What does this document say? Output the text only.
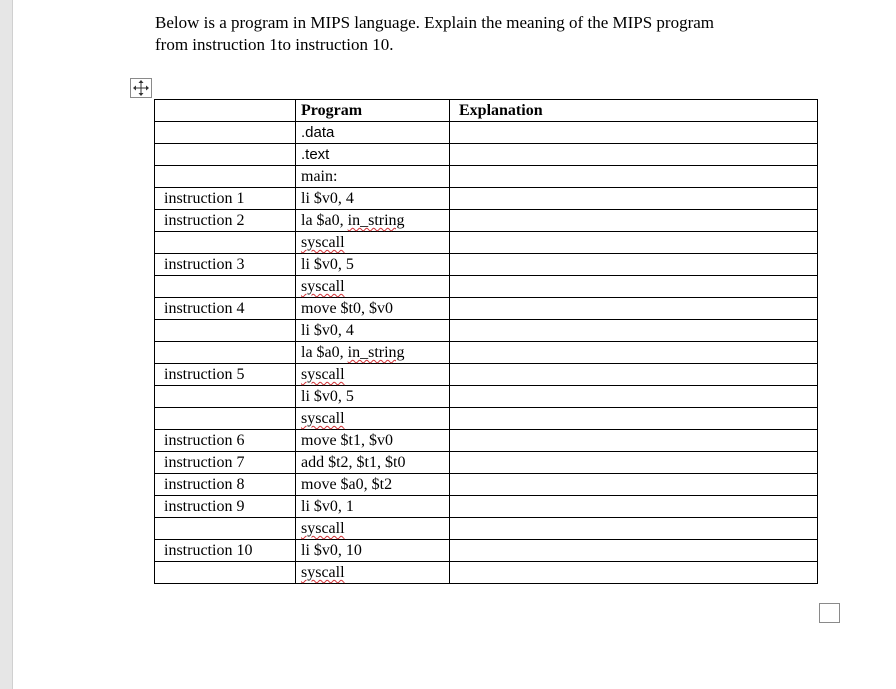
Below is a program in MIPS language. Explain the meaning of the MIPS program
from instruction 1to instruction 10.

	Program	Explanation
	.data	
	.text	
	main:	
instruction 1	li $v0, 4	
instruction 2	la $a0, in_string	
	syscall	
instruction 3	li $v0, 5	
	syscall	
instruction 4	move $t0, $v0	
	li $v0, 4	
	la $a0, in_string	
instruction 5	syscall	
	li $v0, 5	
	syscall	
instruction 6	move $t1, $v0	
instruction 7	add $t2, $t1, $t0	
instruction 8	move $a0, $t2	
instruction 9	li $v0, 1	
	syscall	
instruction 10	li $v0, 10	
	syscall	
